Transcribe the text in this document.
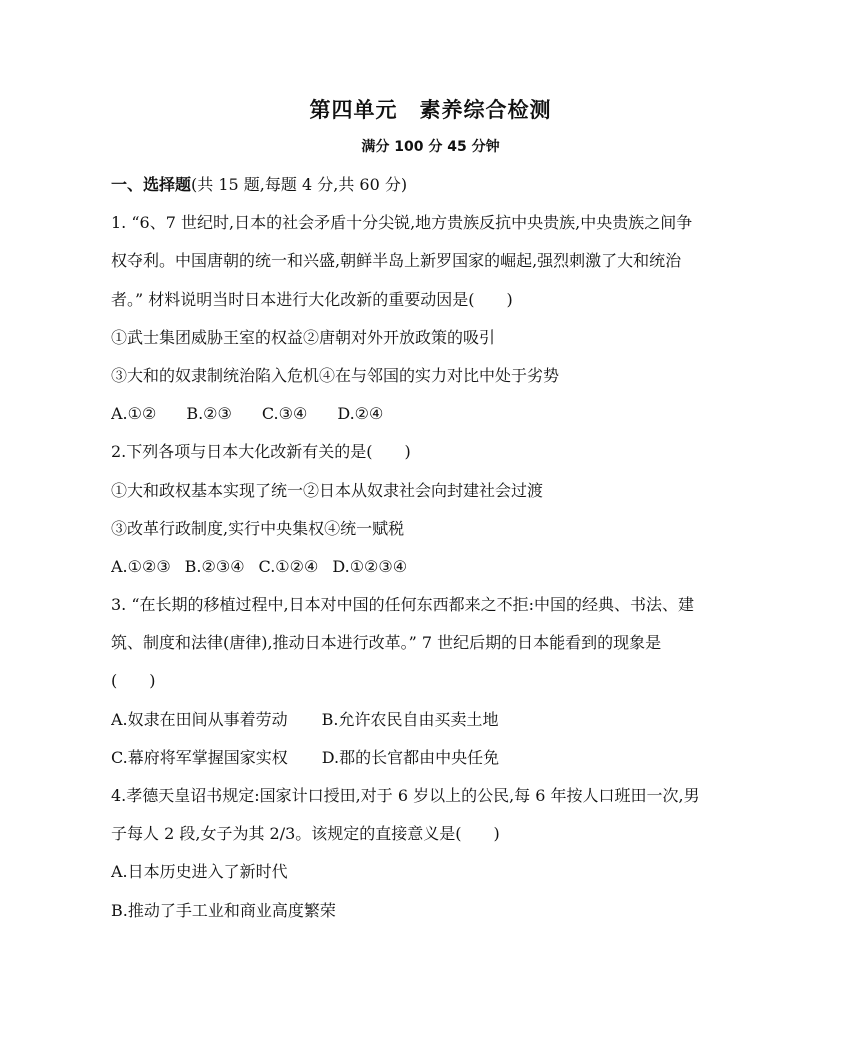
第四单元　素养综合检测
满分 100 分 45 分钟
一、选择题(共 15 题,每题 4 分,共 60 分)
1. “6、7 世纪时,日本的社会矛盾十分尖锐,地方贵族反抗中央贵族,中央贵族之间争
权夺利。中国唐朝的统一和兴盛,朝鲜半岛上新罗国家的崛起,强烈刺激了大和统治
者。” 材料说明当时日本进行大化改新的重要动因是(　　)
①武士集团威胁王室的权益②唐朝对外开放政策的吸引
③大和的奴隶制统治陷入危机④在与邻国的实力对比中处于劣势
A.①② B.②③ C.③④ D.②④
2.下列各项与日本大化改新有关的是(　　)
①大和政权基本实现了统一②日本从奴隶社会向封建社会过渡
③改革行政制度,实行中央集权④统一赋税
A.①②③ B.②③④ C.①②④ D.①②③④
3. “在长期的移植过程中,日本对中国的任何东西都来之不拒:中国的经典、书法、建
筑、制度和法律(唐律),推动日本进行改革。” 7 世纪后期的日本能看到的现象是
(　　)
A.奴隶在田间从事着劳动 B.允许农民自由买卖土地
C.幕府将军掌握国家实权 D.郡的长官都由中央任免
4.孝德天皇诏书规定:国家计口授田,对于 6 岁以上的公民,每 6 年按人口班田一次,男
子每人 2 段,女子为其 2/3。该规定的直接意义是(　　)
A.日本历史进入了新时代
B.推动了手工业和商业高度繁荣
